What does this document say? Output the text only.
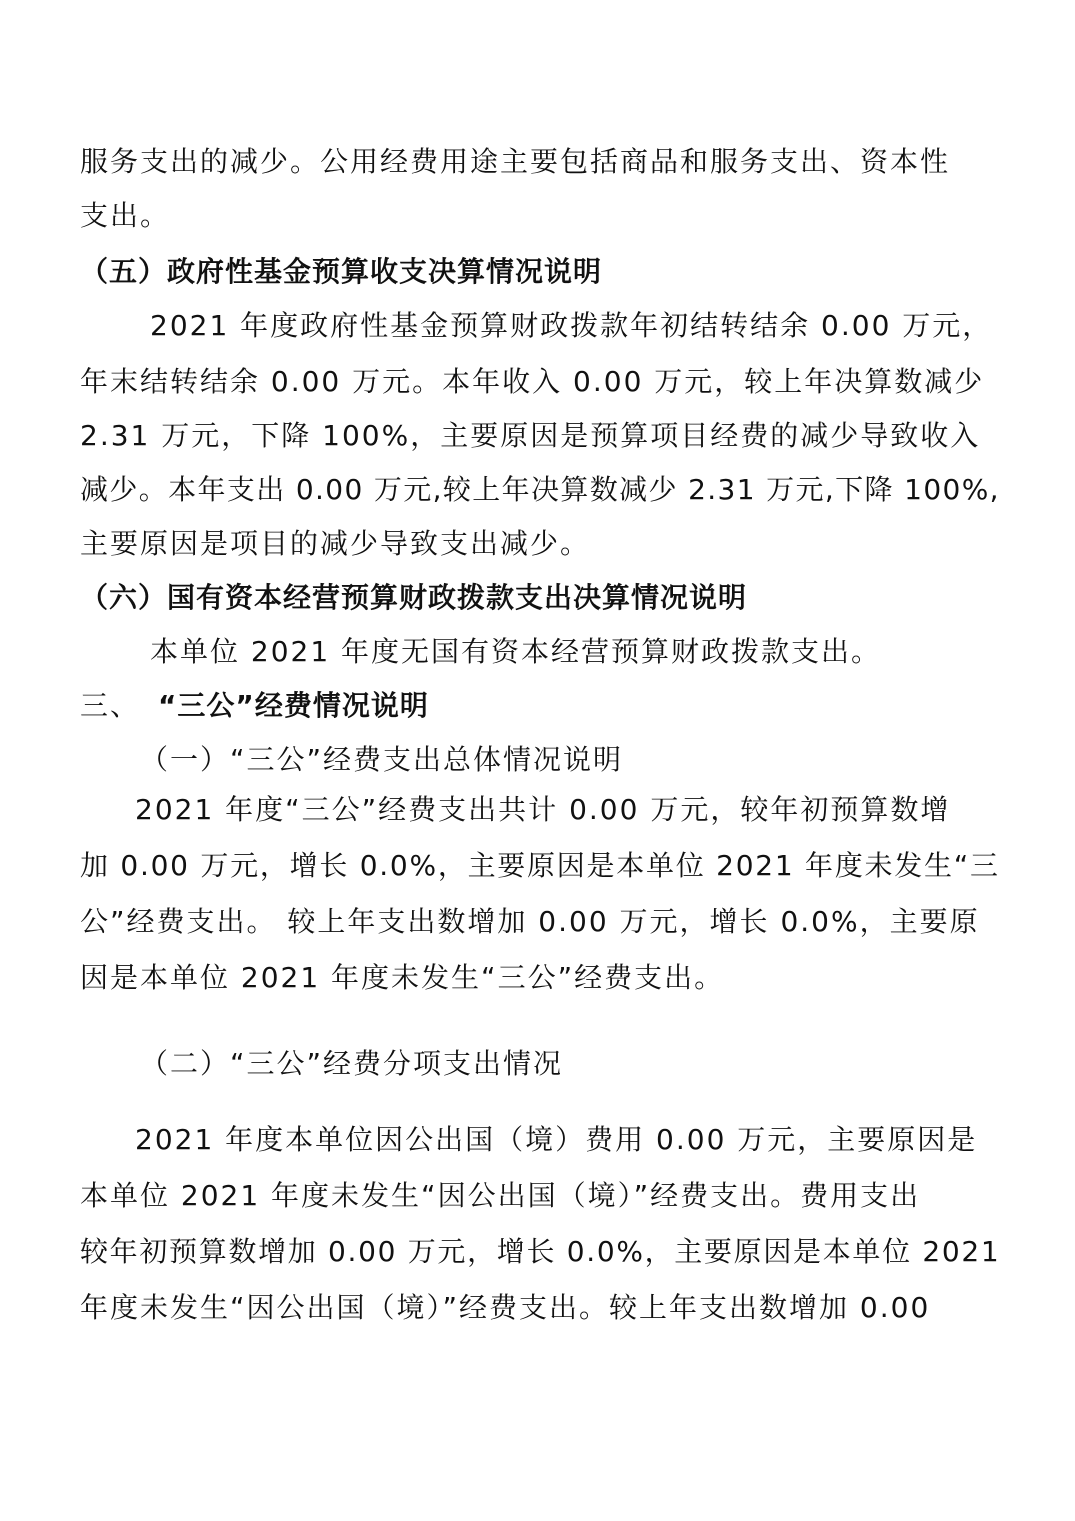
服务支出的减少。公用经费用途主要包括商品和服务支出、资本性
支出。
（五）政府性基金预算收支决算情况说明
2021 年度政府性基金预算财政拨款年初结转结余 0.00 万元，
年末结转结余 0.00 万元。本年收入 0.00 万元，较上年决算数减少
2.31 万元，下降 100%，主要原因是预算项目经费的减少导致收入
减少。本年支出 0.00 万元,较上年决算数减少 2.31 万元,下降 100%,
主要原因是项目的减少导致支出减少。
（六）国有资本经营预算财政拨款支出决算情况说明
本单位 2021 年度无国有资本经营预算财政拨款支出。
三、 “三公”经费情况说明
（一）“三公”经费支出总体情况说明
2021 年度“三公”经费支出共计 0.00 万元，较年初预算数增
加 0.00 万元，增长 0.0%，主要原因是本单位 2021 年度未发生“三
公”经费支出。 较上年支出数增加 0.00 万元，增长 0.0%，主要原
因是本单位 2021 年度未发生“三公”经费支出。
（二）“三公”经费分项支出情况
2021 年度本单位因公出国（境）费用 0.00 万元，主要原因是
本单位 2021 年度未发生“因公出国（境）”经费支出。费用支出
较年初预算数增加 0.00 万元，增长 0.0%，主要原因是本单位 2021
年度未发生“因公出国（境）”经费支出。较上年支出数增加 0.00
